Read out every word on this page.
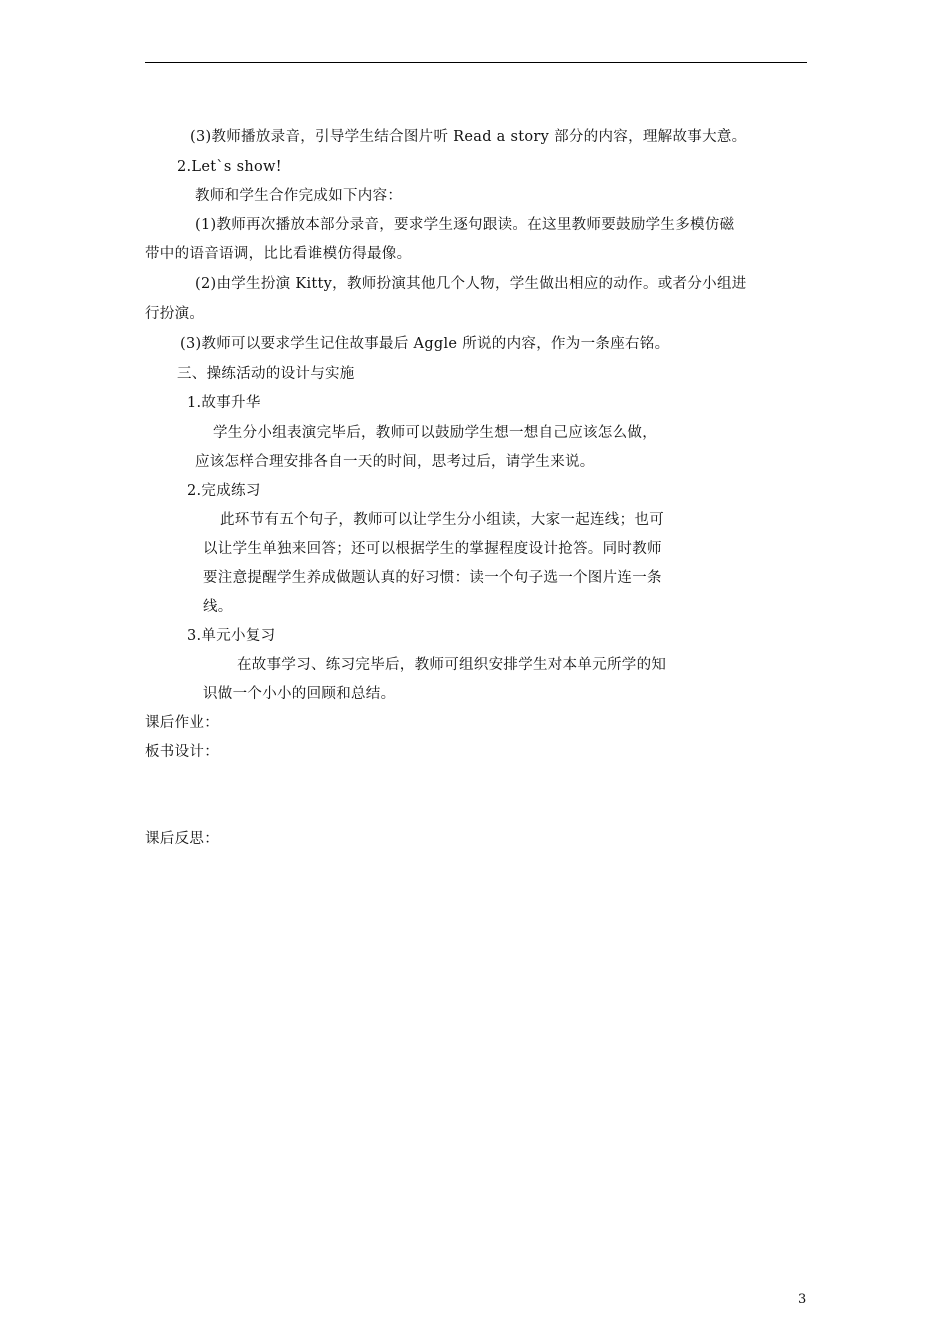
(3)教师播放录音，引导学生结合图片听 Read a story 部分的内容，理解故事大意。
2.Let`s show!
教师和学生合作完成如下内容：
(1)教师再次播放本部分录音，要求学生逐句跟读。在这里教师要鼓励学生多模仿磁
带中的语音语调，比比看谁模仿得最像。
(2)由学生扮演 Kitty，教师扮演其他几个人物，学生做出相应的动作。或者分小组进
行扮演。
(3)教师可以要求学生记住故事最后 Aggle 所说的内容，作为一条座右铭。
三、操练活动的设计与实施
1.故事升华
学生分小组表演完毕后，教师可以鼓励学生想一想自己应该怎么做，
应该怎样合理安排各自一天的时间，思考过后，请学生来说。
2.完成练习
此环节有五个句子，教师可以让学生分小组读，大家一起连线；也可
以让学生单独来回答；还可以根据学生的掌握程度设计抢答。同时教师
要注意提醒学生养成做题认真的好习惯：读一个句子选一个图片连一条
线。
3.单元小复习
在故事学习、练习完毕后，教师可组织安排学生对本单元所学的知
识做一个小小的回顾和总结。
课后作业：
板书设计：
课后反思：
3
